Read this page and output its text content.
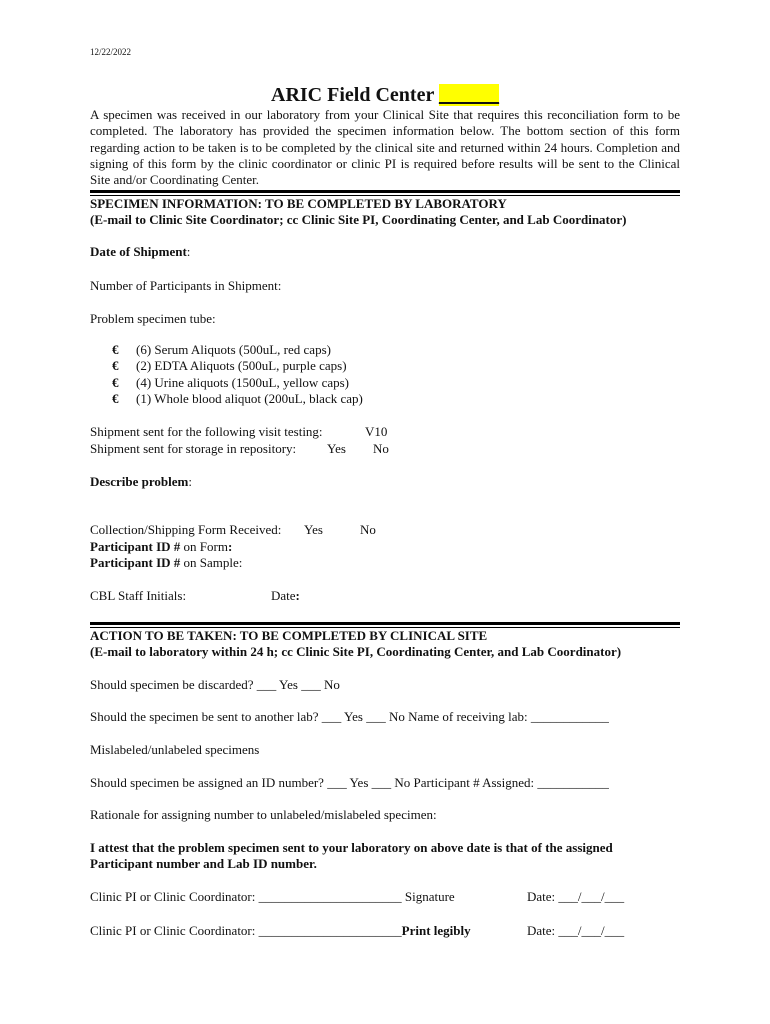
12/22/2022
ARIC Field Center ______
A specimen was received in our laboratory from your Clinical Site that requires this reconciliation form to be completed. The laboratory has provided the specimen information below. The bottom section of this form regarding action to be taken is to be completed by the clinical site and returned within 24 hours. Completion and signing of this form by the clinic coordinator or clinic PI is required before results will be sent to the Clinical Site and/or Coordinating Center.
SPECIMEN INFORMATION: TO BE COMPLETED BY LABORATORY
(E-mail to Clinic Site Coordinator; cc Clinic Site PI, Coordinating Center, and Lab Coordinator)
Date of Shipment:
Number of Participants in Shipment:
Problem specimen tube:
€ (6) Serum Aliquots (500uL, red caps)
€ (2) EDTA Aliquots (500uL, purple caps)
€ (4) Urine aliquots (1500uL, yellow caps)
€ (1) Whole blood aliquot (200uL, black cap)
Shipment sent for the following visit testing:	V10
Shipment sent for storage in repository: Yes No
Describe problem:
Collection/Shipping Form Received: Yes	No
Participant ID # on Form:
Participant ID # on Sample:
CBL Staff Initials:	Date:
ACTION TO BE TAKEN: TO BE COMPLETED BY CLINICAL SITE
(E-mail to laboratory within 24 h; cc Clinic Site PI, Coordinating Center, and Lab Coordinator)
Should specimen be discarded? ___ Yes ___ No
Should the specimen be sent to another lab? ___ Yes ___ No Name of receiving lab: ____________
Mislabeled/unlabeled specimens
Should specimen be assigned an ID number? ___ Yes ___ No Participant # Assigned: ___________
Rationale for assigning number to unlabeled/mislabeled specimen:
I attest that the problem specimen sent to your laboratory on above date is that of the assigned
Participant number and Lab ID number.
Clinic PI or Clinic Coordinator: ______________________ Signature	Date: ___/___/___
Clinic PI or Clinic Coordinator: ______________________Print legibly	Date: ___/___/___
